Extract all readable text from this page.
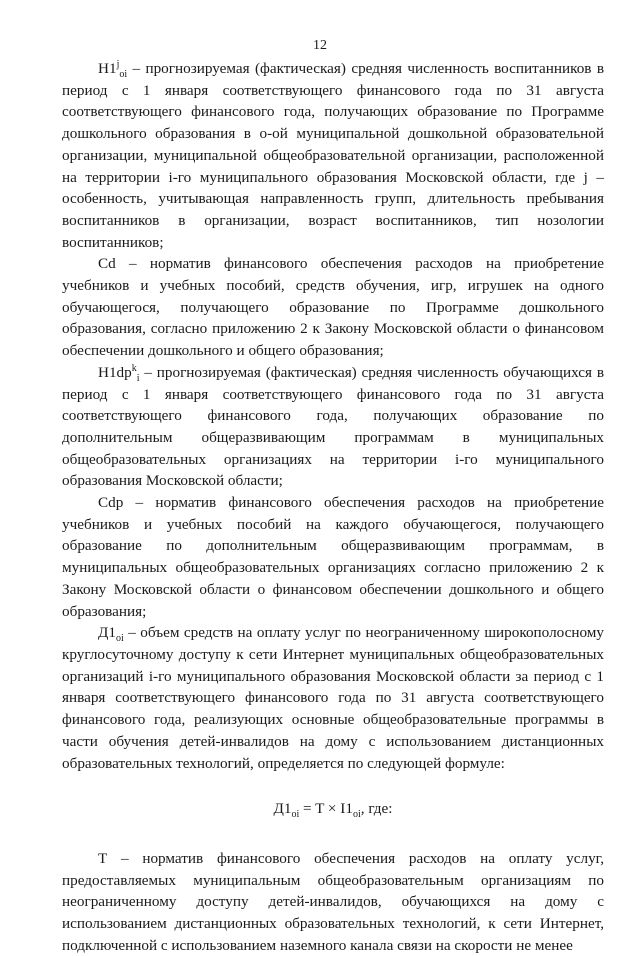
12

$H1^j_{oi}$ – прогнозируемая (фактическая) средняя численность воспитанников в период с 1 января соответствующего финансового года по 31 августа соответствующего финансового года, получающих образование по Программе дошкольного образования в о-ой муниципальной дошкольной образовательной организации, муниципальной общеобразовательной организации, расположенной на территории i-го муниципального образования Московской области, где j – особенность, учитывающая направленность групп, длительность пребывания воспитанников в организации, возраст воспитанников, тип нозологии воспитанников;

Cd – норматив финансового обеспечения расходов на приобретение учебников и учебных пособий, средств обучения, игр, игрушек на одного обучающегося, получающего образование по Программе дошкольного образования, согласно приложению 2 к Закону Московской области о финансовом обеспечении дошкольного и общего образования;

$H1dp^k_i$ – прогнозируемая (фактическая) средняя численность обучающихся в период с 1 января соответствующего финансового года по 31 августа соответствующего финансового года, получающих образование по дополнительным общеразвивающим программам в муниципальных общеобразовательных организациях на территории i-го муниципального образования Московской области;

Cdp – норматив финансового обеспечения расходов на приобретение учебников и учебных пособий на каждого обучающегося, получающего образование по дополнительным общеразвивающим программам, в муниципальных общеобразовательных организациях согласно приложению 2 к Закону Московской области о финансовом обеспечении дошкольного и общего образования;

$Д1_{oi}$ – объем средств на оплату услуг по неограниченному широкополосному круглосуточному доступу к сети Интернет муниципальных общеобразовательных организаций i-го муниципального образования Московской области за период с 1 января соответствующего финансового года по 31 августа соответствующего финансового года, реализующих основные общеобразовательные программы в части обучения детей-инвалидов на дому с использованием дистанционных образовательных технологий, определяется по следующей формуле:

$Д1_{oi} = T \times I1_{oi}$, где:

Т – норматив финансового обеспечения расходов на оплату услуг, предоставляемых муниципальным общеобразовательным организациям по неограниченному доступу детей-инвалидов, обучающихся на дому с использованием дистанционных образовательных технологий, к сети Интернет, подключенной с использованием наземного канала связи на скорости не менее
